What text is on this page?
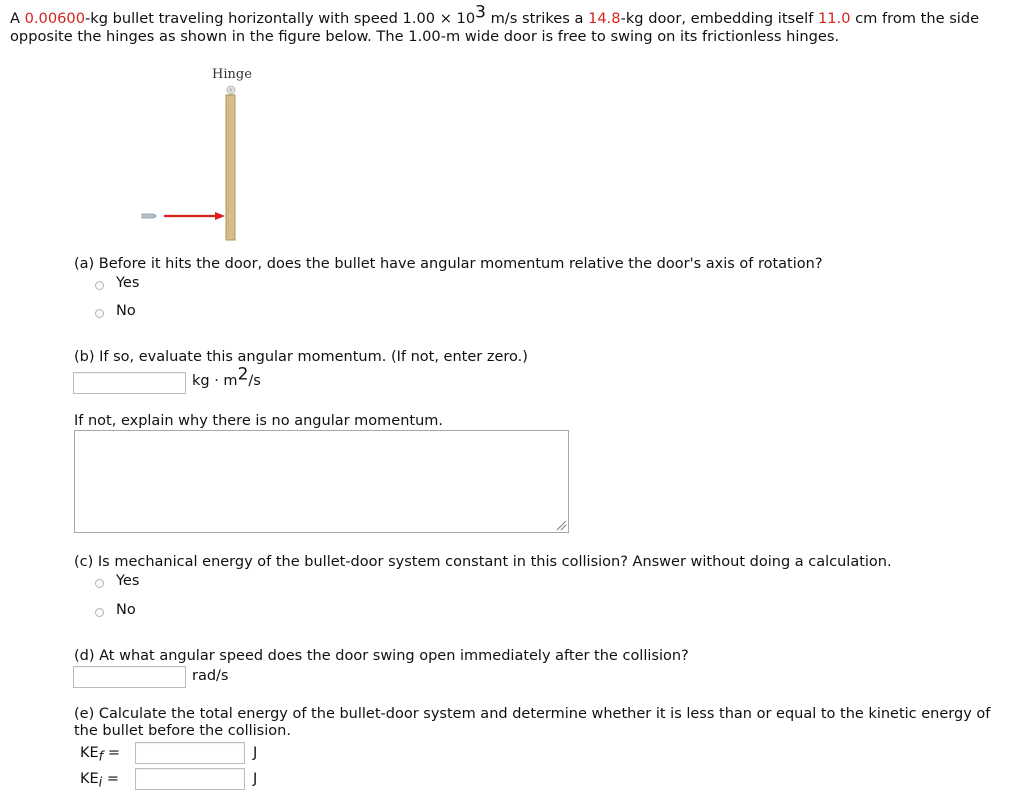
A 0.00600-kg bullet traveling horizontally with speed $1.00 \times 10^3$ m/s strikes a 14.8-kg door, embedding itself 11.0 cm from the side opposite the hinges as shown in the figure below. The 1.00-m wide door is free to swing on its frictionless hinges.
Hinge
(a) Before it hits the door, does the bullet have angular momentum relative the door's axis of rotation?
Yes
No
(b) If so, evaluate this angular momentum. (If not, enter zero.)
kg · $m^2/s$
If not, explain why there is no angular momentum.
(c) Is mechanical energy of the bullet-door system constant in this collision? Answer without doing a calculation.
Yes
No
(d) At what angular speed does the door swing open immediately after the collision?
rad/s
(e) Calculate the total energy of the bullet-door system and determine whether it is less than or equal to the kinetic energy of the bullet before the collision.
$KE_f$ =	J
$KE_i$ =	J
